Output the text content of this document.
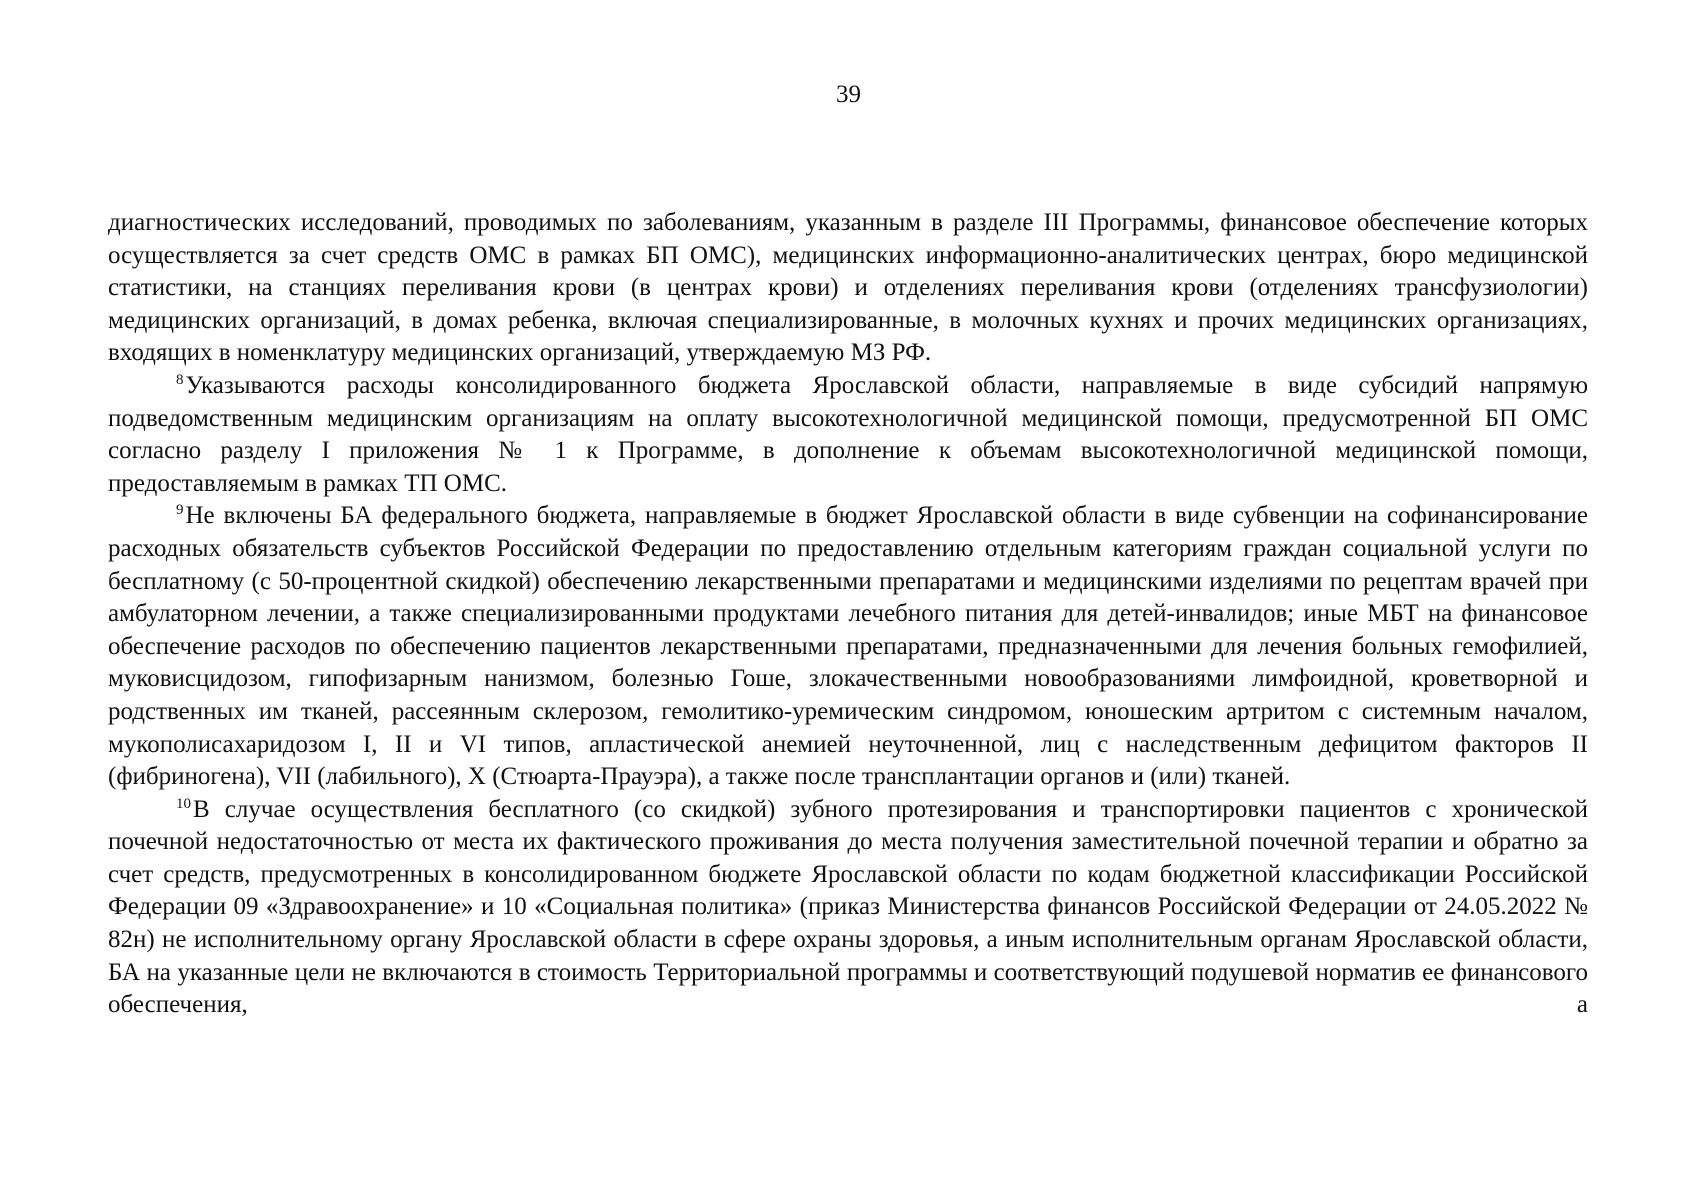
39

диагностических исследований, проводимых по заболеваниям, указанным в разделе III Программы, финансовое обеспечение которых осуществляется за счет средств ОМС в рамках БП ОМС), медицинских информационно-аналитических центрах, бюро медицинской статистики, на станциях переливания крови (в центрах крови) и отделениях переливания крови (отделениях трансфузиологии) медицинских организаций, в домах ребенка, включая специализированные, в молочных кухнях и прочих медицинских организациях, входящих в номенклатуру медицинских организаций, утверждаемую МЗ РФ.

$^8$Указываются расходы консолидированного бюджета Ярославской области, направляемые в виде субсидий напрямую подведомственным медицинским организациям на оплату высокотехнологичной медицинской помощи, предусмотренной БП ОМС согласно разделу I приложения № 1 к Программе, в дополнение к объемам высокотехнологичной медицинской помощи, предоставляемым в рамках ТП ОМС.

$^9$Не включены БА федерального бюджета, направляемые в бюджет Ярославской области в виде субвенции на софинансирование расходных обязательств субъектов Российской Федерации по предоставлению отдельным категориям граждан социальной услуги по бесплатному (с 50-процентной скидкой) обеспечению лекарственными препаратами и медицинскими изделиями по рецептам врачей при амбулаторном лечении, а также специализированными продуктами лечебного питания для детей-инвалидов; иные МБТ на финансовое обеспечение расходов по обеспечению пациентов лекарственными препаратами, предназначенными для лечения больных гемофилией, муковисцидозом, гипофизарным нанизмом, болезнью Гоше, злокачественными новообразованиями лимфоидной, кроветворной и родственных им тканей, рассеянным склерозом, гемолитико-уремическим синдромом, юношеским артритом с системным началом, мукополисахаридозом I, II и VI типов, апластической анемией неуточненной, лиц с наследственным дефицитом факторов II (фибриногена), VII (лабильного), X (Стюарта-Прауэра), а также после трансплантации органов и (или) тканей.

$^{10}$В случае осуществления бесплатного (со скидкой) зубного протезирования и транспортировки пациентов с хронической почечной недостаточностью от места их фактического проживания до места получения заместительной почечной терапии и обратно за счет средств, предусмотренных в консолидированном бюджете Ярославской области по кодам бюджетной классификации Российской Федерации 09 «Здравоохранение» и 10 «Социальная политика» (приказ Министерства финансов Российской Федерации от 24.05.2022 № 82н) не исполнительному органу Ярославской области в сфере охраны здоровья, а иным исполнительным органам Ярославской области, БА на указанные цели не включаются в стоимость Территориальной программы и соответствующий подушевой норматив ее финансового обеспечения, а
